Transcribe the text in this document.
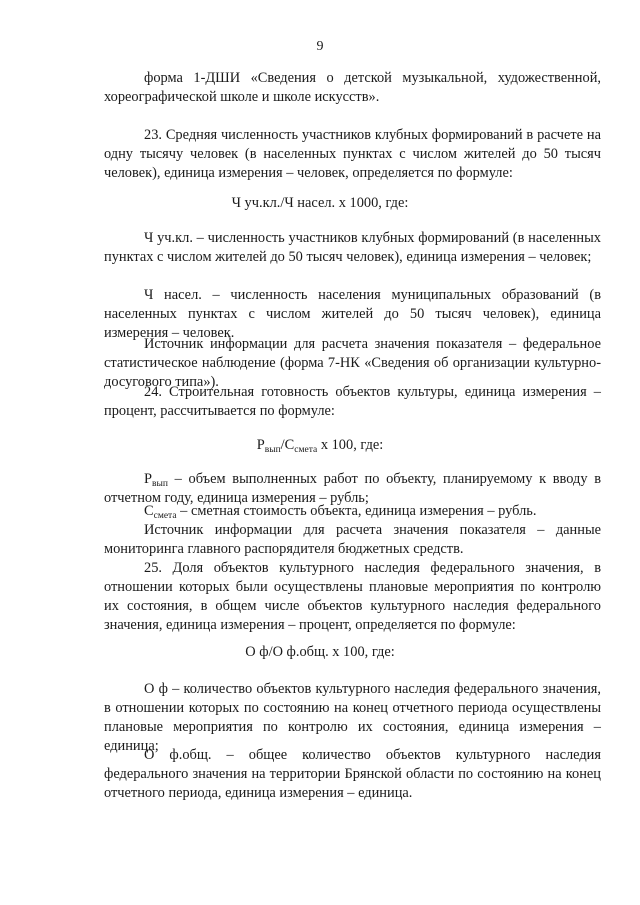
9

форма 1-ДШИ «Сведения о детской музыкальной, художественной, хореографической школе и школе искусств».

23. Средняя численность участников клубных формирований в расчете на одну тысячу человек (в населенных пунктах с числом жителей до 50 тысяч человек), единица измерения – человек, определяется по формуле:

Ч уч.кл./Ч насел. х 1000, где:

Ч уч.кл. – численность участников клубных формирований (в населенных пунктах с числом жителей до 50 тысяч человек), единица измерения – человек;

Ч насел. – численность населения муниципальных образований (в населенных пунктах с числом жителей до 50 тысяч человек), единица измерения – человек.

Источник информации для расчета значения показателя – федеральное статистическое наблюдение (форма 7-НК «Сведения об организации культурно-досугового типа»).

24. Строительная готовность объектов культуры, единица измерения – процент, рассчитывается по формуле:

$P_{вып}/C_{смета}$ х 100, где:

$Р_{вып}$ – объем выполненных работ по объекту, планируемому к вводу в отчетном году, единица измерения – рубль;

$С_{смета}$ – сметная стоимость объекта, единица измерения – рубль.

Источник информации для расчета значения показателя – данные мониторинга главного распорядителя бюджетных средств.

25. Доля объектов культурного наследия федерального значения, в отношении которых были осуществлены плановые мероприятия по контролю их состояния, в общем числе объектов культурного наследия федерального значения, единица измерения – процент, определяется по формуле:

О ф/О ф.общ. х 100, где:

О ф – количество объектов культурного наследия федерального значения, в отношении которых по состоянию на конец отчетного периода осуществлены плановые мероприятия по контролю их состояния, единица измерения – единица;

О ф.общ. – общее количество объектов культурного наследия федерального значения на территории Брянской области по состоянию на конец отчетного периода, единица измерения – единица.
